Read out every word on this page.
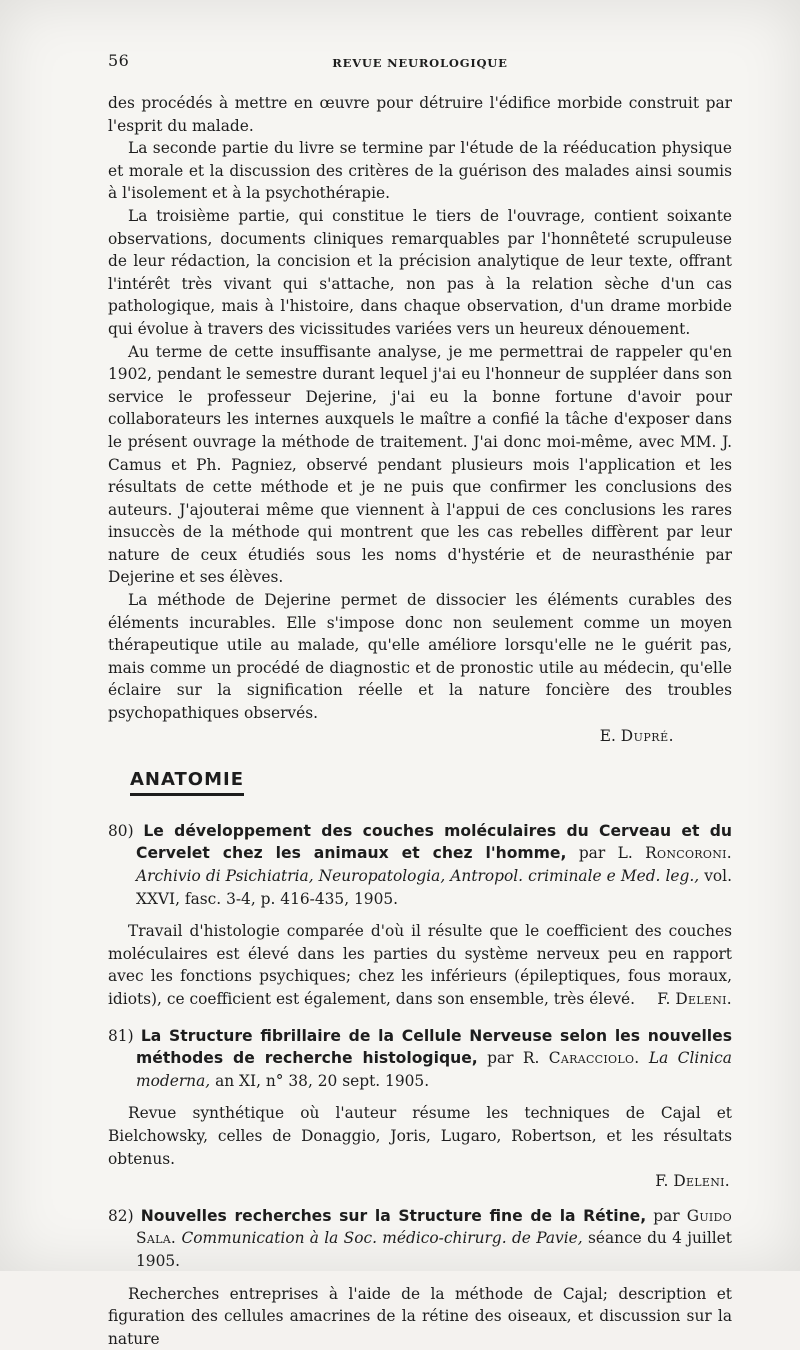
56	REVUE NEUROLOGIQUE

des procédés à mettre en œuvre pour détruire l'édifice morbide construit par l'esprit du malade.

La seconde partie du livre se termine par l'étude de la rééducation physique et morale et la discussion des critères de la guérison des malades ainsi soumis à l'isolement et à la psychothérapie.

La troisième partie, qui constitue le tiers de l'ouvrage, contient soixante observations, documents cliniques remarquables par l'honnêteté scrupuleuse de leur rédaction, la concision et la précision analytique de leur texte, offrant l'intérêt très vivant qui s'attache, non pas à la relation sèche d'un cas pathologique, mais à l'histoire, dans chaque observation, d'un drame morbide qui évolue à travers des vicissitudes variées vers un heureux dénouement.

Au terme de cette insuffisante analyse, je me permettrai de rappeler qu'en 1902, pendant le semestre durant lequel j'ai eu l'honneur de suppléer dans son service le professeur Dejerine, j'ai eu la bonne fortune d'avoir pour collaborateurs les internes auxquels le maître a confié la tâche d'exposer dans le présent ouvrage la méthode de traitement. J'ai donc moi-même, avec MM. J. Camus et Ph. Pagniez, observé pendant plusieurs mois l'application et les résultats de cette méthode et je ne puis que confirmer les conclusions des auteurs. J'ajouterai même que viennent à l'appui de ces conclusions les rares insuccès de la méthode qui montrent que les cas rebelles diffèrent par leur nature de ceux étudiés sous les noms d'hystérie et de neurasthénie par Dejerine et ses élèves.

La méthode de Dejerine permet de dissocier les éléments curables des éléments incurables. Elle s'impose donc non seulement comme un moyen thérapeutique utile au malade, qu'elle améliore lorsqu'elle ne le guérit pas, mais comme un procédé de diagnostic et de pronostic utile au médecin, qu'elle éclaire sur la signification réelle et la nature foncière des troubles psychopathiques observés.

E. Dupré.

ANATOMIE

80) Le développement des couches moléculaires du Cerveau et du Cervelet chez les animaux et chez l'homme, par L. Roncoroni. Archivio di Psichiatria, Neuropatologia, Antropol. criminale e Med. leg., vol. XXVI, fasc. 3-4, p. 416-435, 1905.

Travail d'histologie comparée d'où il résulte que le coefficient des couches moléculaires est élevé dans les parties du système nerveux peu en rapport avec les fonctions psychiques; chez les inférieurs (épileptiques, fous moraux, idiots), ce coefficient est également, dans son ensemble, très élevé.	F. Deleni.

81) La Structure fibrillaire de la Cellule Nerveuse selon les nouvelles méthodes de recherche histologique, par R. Caracciolo. La Clinica moderna, an XI, n° 38, 20 sept. 1905.

Revue synthétique où l'auteur résume les techniques de Cajal et Bielchowsky, celles de Donaggio, Joris, Lugaro, Robertson, et les résultats obtenus.

F. Deleni.

82) Nouvelles recherches sur la Structure fine de la Rétine, par Guido Sala. Communication à la Soc. médico-chirurg. de Pavie, séance du 4 juillet 1905.

Recherches entreprises à l'aide de la méthode de Cajal; description et figuration des cellules amacrines de la rétine des oiseaux, et discussion sur la nature
